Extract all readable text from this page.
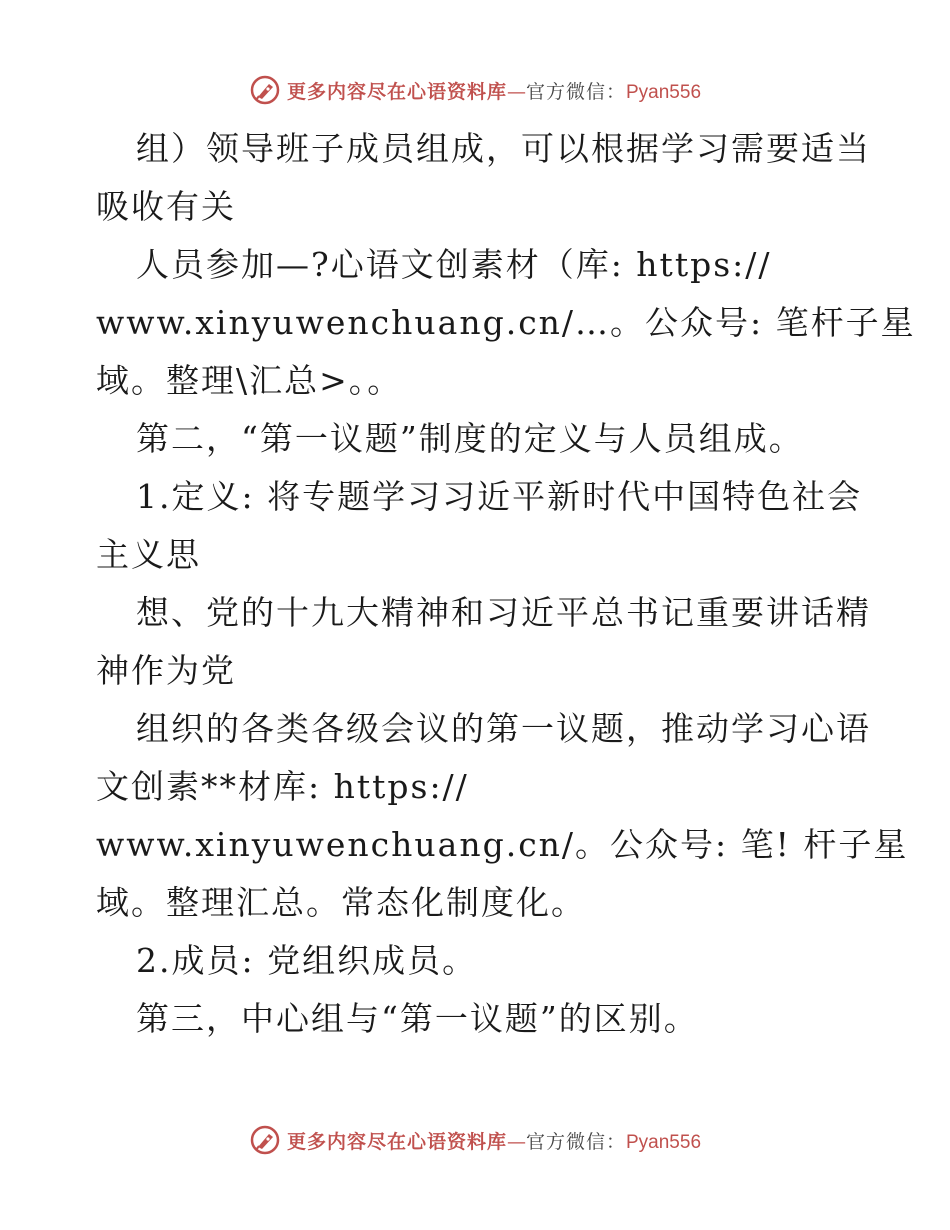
更多内容尽在心语资料库 — 官方微信： Pyan556
组）领导班子成员组成，可以根据学习需要适当
吸收有关
人员参加—?心语文创素材（库: https://
www.xinyuwenchuang.cn/…。公众号: 笔杆子星
域。整理\汇总>。。
第二，“第一议题”制度的定义与人员组成。
1.定义: 将专题学习习近平新时代中国特色社会
主义思
想、党的十九大精神和习近平总书记重要讲话精
神作为党
组织的各类各级会议的第一议题，推动学习心语
文创素**材库: https://
www.xinyuwenchuang.cn/。公众号: 笔! 杆子星
域。整理汇总。常态化制度化。
2.成员: 党组织成员。
第三，中心组与“第一议题”的区别。
更多内容尽在心语资料库 — 官方微信： Pyan556
